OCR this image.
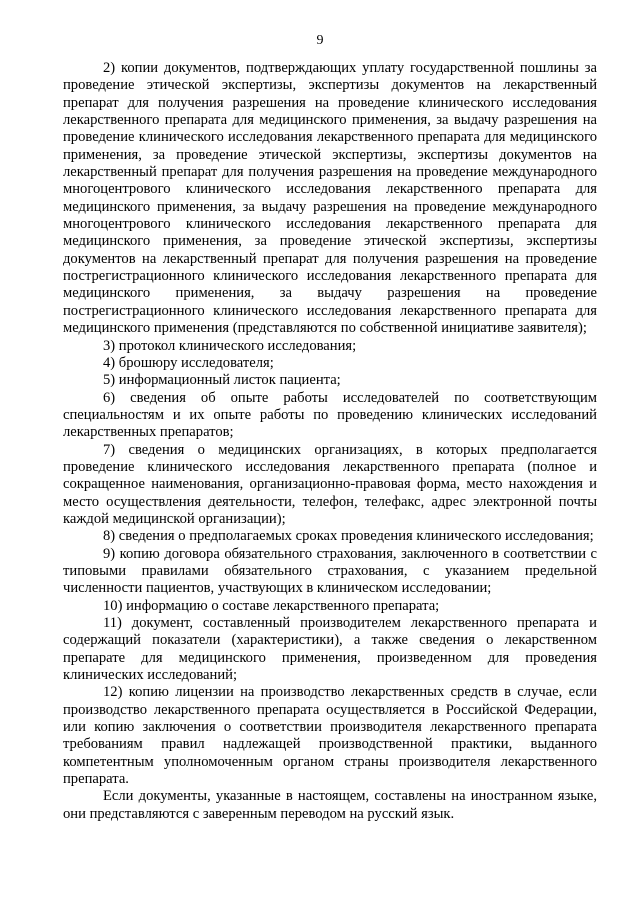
9

2) копии документов, подтверждающих уплату государственной пошлины за проведение этической экспертизы, экспертизы документов на лекарственный препарат для получения разрешения на проведение клинического исследования лекарственного препарата для медицинского применения, за выдачу разрешения на проведение клинического исследования лекарственного препарата для медицинского применения, за проведение этической экспертизы, экспертизы документов на лекарственный препарат для получения разрешения на проведение международного многоцентрового клинического исследования лекарственного препарата для медицинского применения, за выдачу разрешения на проведение международного многоцентрового клинического исследования лекарственного препарата для медицинского применения, за проведение этической экспертизы, экспертизы документов на лекарственный препарат для получения разрешения на проведение пострегистрационного клинического исследования лекарственного препарата для медицинского применения, за выдачу разрешения на проведение пострегистрационного клинического исследования лекарственного препарата для медицинского применения (представляются по собственной инициативе заявителя);

3) протокол клинического исследования;

4) брошюру исследователя;

5) информационный листок пациента;

6) сведения об опыте работы исследователей по соответствующим специальностям и их опыте работы по проведению клинических исследований лекарственных препаратов;

7) сведения о медицинских организациях, в которых предполагается проведение клинического исследования лекарственного препарата (полное и сокращенное наименования, организационно-правовая форма, место нахождения и место осуществления деятельности, телефон, телефакс, адрес электронной почты каждой медицинской организации);

8) сведения о предполагаемых сроках проведения клинического исследования;

9) копию договора обязательного страхования, заключенного в соответствии с типовыми правилами обязательного страхования, с указанием предельной численности пациентов, участвующих в клиническом исследовании;

10) информацию о составе лекарственного препарата;

11) документ, составленный производителем лекарственного препарата и содержащий показатели (характеристики), а также сведения о лекарственном препарате для медицинского применения, произведенном для проведения клинических исследований;

12) копию лицензии на производство лекарственных средств в случае, если производство лекарственного препарата осуществляется в Российской Федерации, или копию заключения о соответствии производителя лекарственного препарата требованиям правил надлежащей производственной практики, выданного компетентным уполномоченным органом страны производителя лекарственного препарата.

Если документы, указанные в настоящем, составлены на иностранном языке, они представляются с заверенным переводом на русский язык.
